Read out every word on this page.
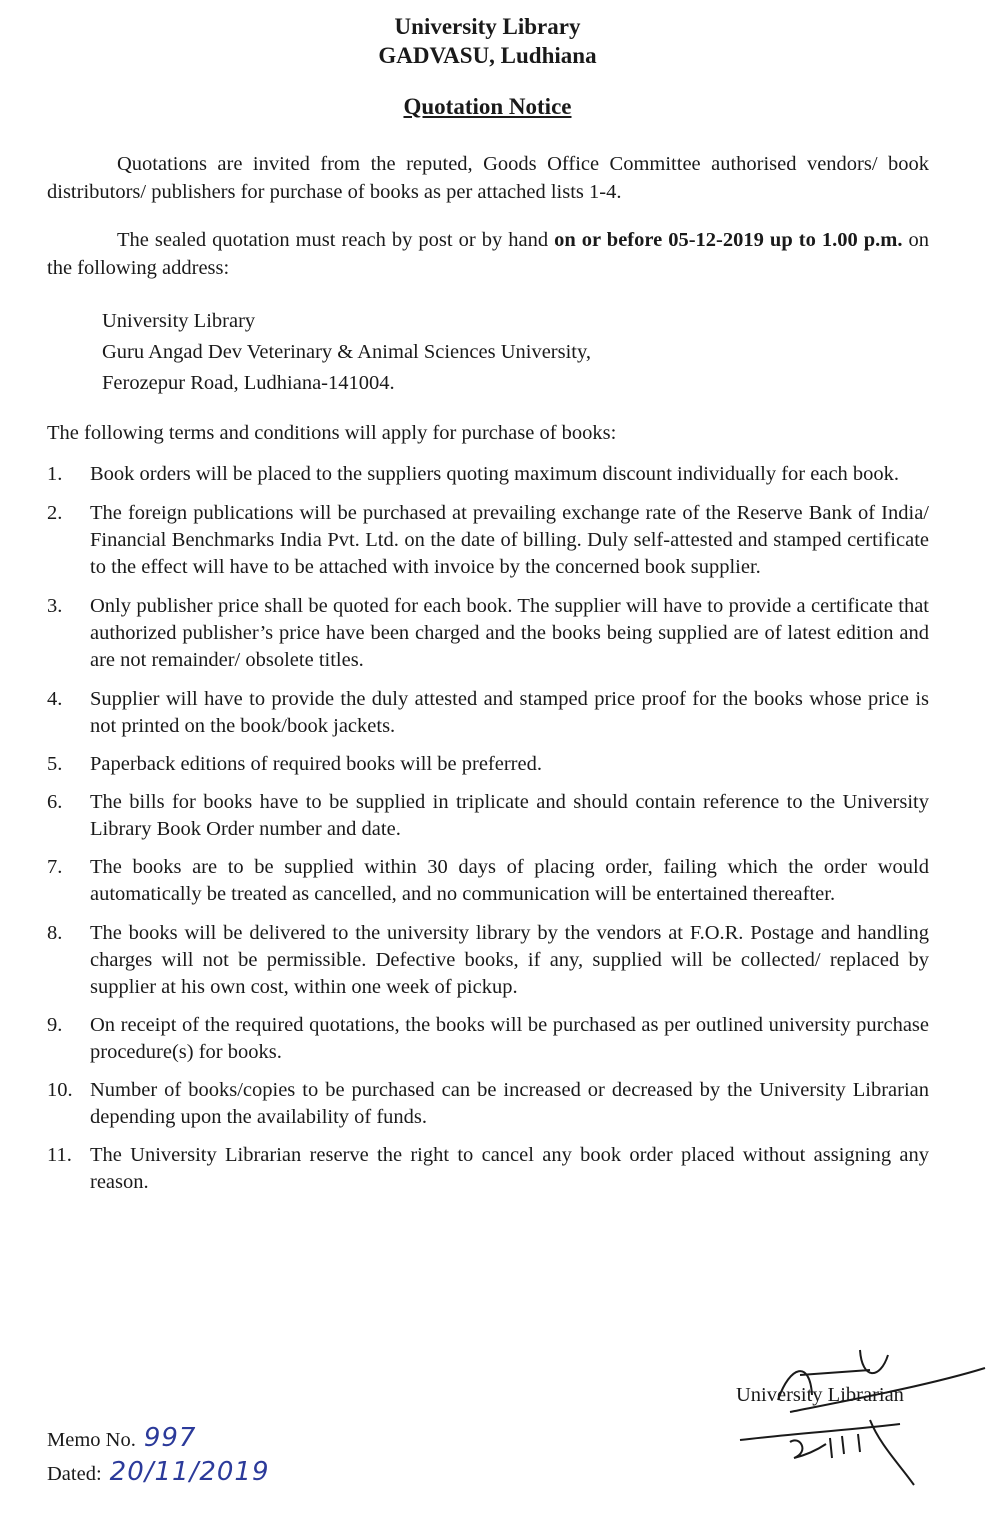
University Library
GADVASU, Ludhiana
Quotation Notice
Quotations are invited from the reputed, Goods Office Committee authorised vendors/ book distributors/ publishers for purchase of books as per attached lists 1-4.
The sealed quotation must reach by post or by hand on or before 05-12-2019 up to 1.00 p.m. on the following address:
University Library
Guru Angad Dev Veterinary & Animal Sciences University,
Ferozepur Road, Ludhiana-141004.
The following terms and conditions will apply for purchase of books:
1.	Book orders will be placed to the suppliers quoting maximum discount individually for each book.
2.	The foreign publications will be purchased at prevailing exchange rate of the Reserve Bank of India/ Financial Benchmarks India Pvt. Ltd. on the date of billing. Duly self-attested and stamped certificate to the effect will have to be attached with invoice by the concerned book supplier.
3.	Only publisher price shall be quoted for each book. The supplier will have to provide a certificate that authorized publisher’s price have been charged and the books being supplied are of latest edition and are not remainder/ obsolete titles.
4.	Supplier will have to provide the duly attested and stamped price proof for the books whose price is not printed on the book/book jackets.
5.	Paperback editions of required books will be preferred.
6.	The bills for books have to be supplied in triplicate and should contain reference to the University Library Book Order number and date.
7.	The books are to be supplied within 30 days of placing order, failing which the order would automatically be treated as cancelled, and no communication will be entertained thereafter.
8.	The books will be delivered to the university library by the vendors at F.O.R. Postage and handling charges will not be permissible. Defective books, if any, supplied will be collected/ replaced by supplier at his own cost, within one week of pickup.
9.	On receipt of the required quotations, the books will be purchased as per outlined university purchase procedure(s) for books.
10. Number of books/copies to be purchased can be increased or decreased by the University Librarian depending upon the availability of funds.
11. The University Librarian reserve the right to cancel any book order placed without assigning any reason.
University Librarian
Memo No. 997
Dated: 20/11/2019
